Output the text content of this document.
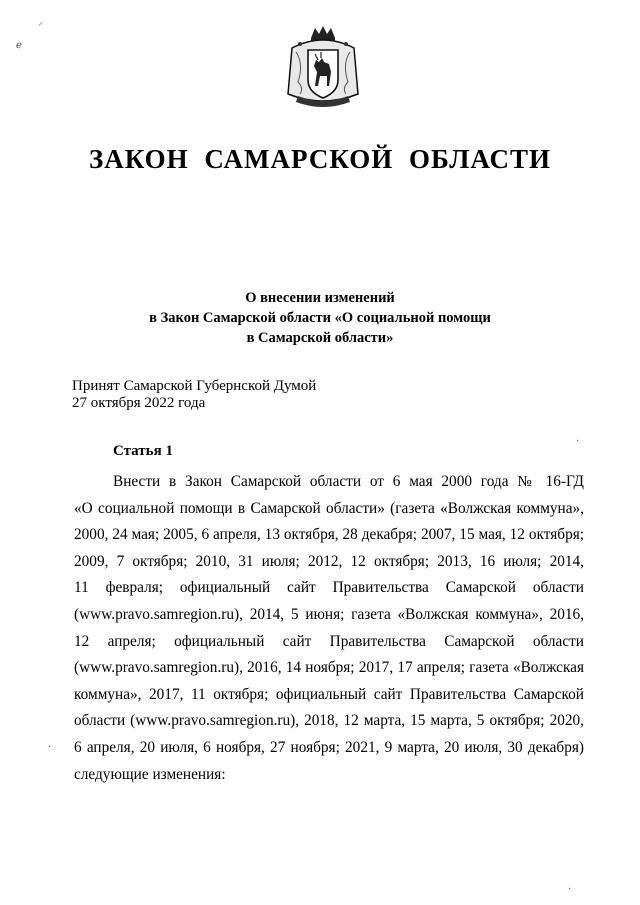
ЗАКОН САМАРСКОЙ ОБЛАСТИ
О внесении изменений
в Закон Самарской области «О социальной помощи
в Самарской области»
Принят Самарской Губернской Думой
27 октября 2022 года
Статья 1
Внести в Закон Самарской области от 6 мая 2000 года № 16-ГД
«О социальной помощи в Самарской области» (газета «Волжская коммуна»,
2000, 24 мая; 2005, 6 апреля, 13 октября, 28 декабря; 2007, 15 мая, 12 октября;
2009, 7 октября; 2010, 31 июля; 2012, 12 октября; 2013, 16 июля; 2014,
11 февраля; официальный сайт Правительства Самарской области
(www.pravo.samregion.ru), 2014, 5 июня; газета «Волжская коммуна», 2016,
12 апреля; официальный сайт Правительства Самарской области
(www.pravo.samregion.ru), 2016, 14 ноября; 2017, 17 апреля; газета «Волжская
коммуна», 2017, 11 октября; официальный сайт Правительства Самарской
области (www.pravo.samregion.ru), 2018, 12 марта, 15 марта, 5 октября; 2020,
6 апреля, 20 июля, 6 ноября, 27 ноября; 2021, 9 марта, 20 июля, 30 декабря)
следующие изменения:
⸝
ℯ
·
·
·
